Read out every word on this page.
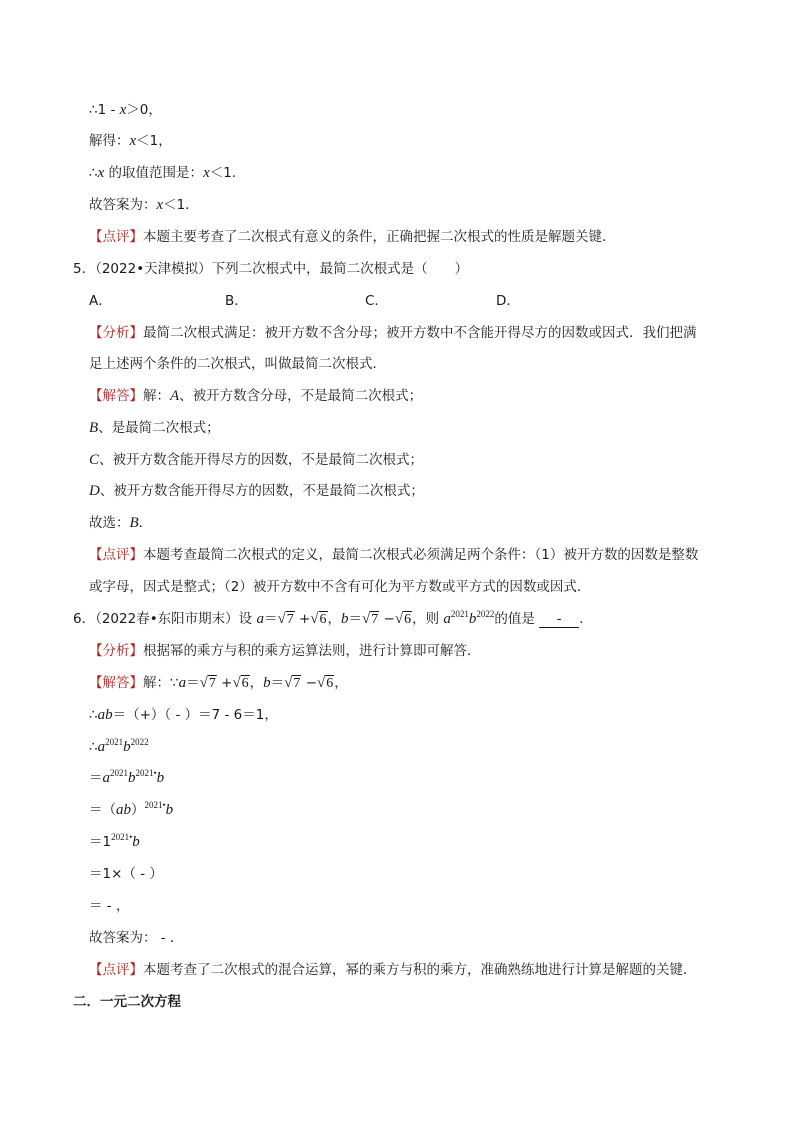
∴1 - x＞0，
解得：x＜1，
∴x 的取值范围是：x＜1．
故答案为：x＜1．
【点评】本题主要考查了二次根式有意义的条件，正确把握二次根式的性质是解题关键．
5．（2022•天津模拟）下列二次根式中，最简二次根式是（　　）
A．	B．	C．	D．
【分析】最简二次根式满足：被开方数不含分母；被开方数中不含能开得尽方的因数或因式．我们把满
足上述两个条件的二次根式，叫做最简二次根式．
【解答】解：A、被开方数含分母，不是最简二次根式；
B、是最简二次根式；
C、被开方数含能开得尽方的因数，不是最简二次根式；
D、被开方数含能开得尽方的因数，不是最简二次根式；
故选：B．
【点评】本题考查最简二次根式的定义，最简二次根式必须满足两个条件：（1）被开方数的因数是整数
或字母，因式是整式；（2）被开方数中不含有可化为平方数或平方式的因数或因式．
6．（2022春•东阳市期末）设 a＝√7 +√6，b＝√7 −√6，则 $a^{2021}b^{2022}$的值是 - ．
【分析】根据幂的乘方与积的乘方运算法则，进行计算即可解答．
【解答】解：∵a＝√7 +√6，b＝√7 −√6，
∴ab＝（+）（ - ）＝7 - 6＝1，
$\therefore a^{2021}b^{2022}$
$=a^{2021}b^{2021•}b$
＝（ab）$^{2021•}$b
$=1^{2021•}b$
＝1×（ - ）
＝ - ，
故答案为： - ．
【点评】本题考查了二次根式的混合运算，幂的乘方与积的乘方，准确熟练地进行计算是解题的关键．
二．一元二次方程
